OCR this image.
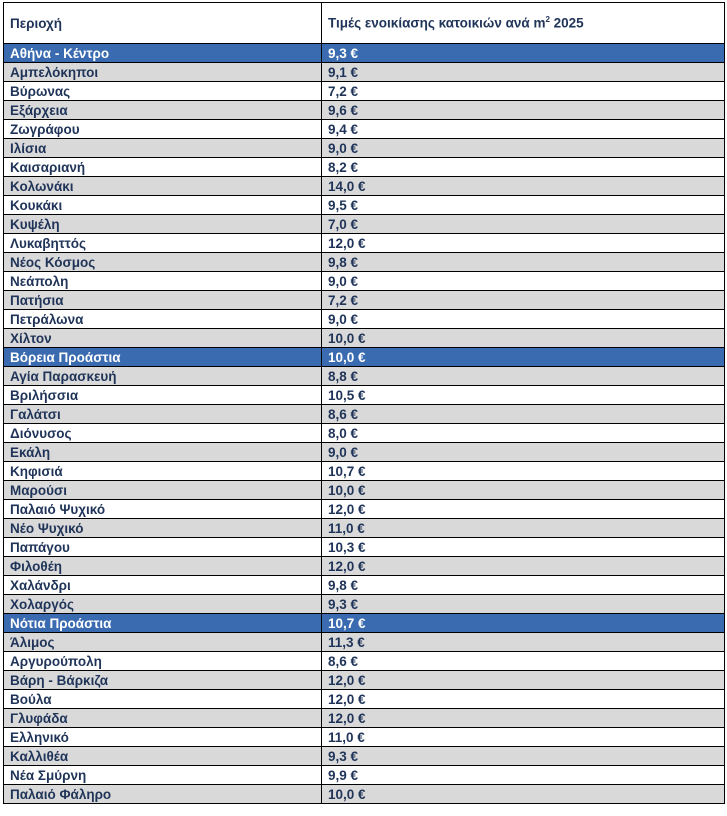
Περιοχή	Τιμές ενοικίασης κατοικιών ανά $m^2$ 2025
Αθήνα - Κέντρο	9,3 €
Αμπελόκηποι	9,1 €
Βύρωνας	7,2 €
Εξάρχεια	9,6 €
Ζωγράφου	9,4 €
Ιλίσια	9,0 €
Καισαριανή	8,2 €
Κολωνάκι	14,0 €
Κουκάκι	9,5 €
Κυψέλη	7,0 €
Λυκαβηττός	12,0 €
Νέος Κόσμος	9,8 €
Νεάπολη	9,0 €
Πατήσια	7,2 €
Πετράλωνα	9,0 €
Χίλτον	10,0 €
Βόρεια Προάστια	10,0 €
Αγία Παρασκευή	8,8 €
Βριλήσσια	10,5 €
Γαλάτσι	8,6 €
Διόνυσος	8,0 €
Εκάλη	9,0 €
Κηφισιά	10,7 €
Μαρούσι	10,0 €
Παλαιό Ψυχικό	12,0 €
Νέο Ψυχικό	11,0 €
Παπάγου	10,3 €
Φιλοθέη	12,0 €
Χαλάνδρι	9,8 €
Χολαργός	9,3 €
Νότια Προάστια	10,7 €
Άλιμος	11,3 €
Αργυρούπολη	8,6 €
Βάρη - Βάρκιζα	12,0 €
Βούλα	12,0 €
Γλυφάδα	12,0 €
Ελληνικό	11,0 €
Καλλιθέα	9,3 €
Νέα Σμύρνη	9,9 €
Παλαιό Φάληρο	10,0 €
